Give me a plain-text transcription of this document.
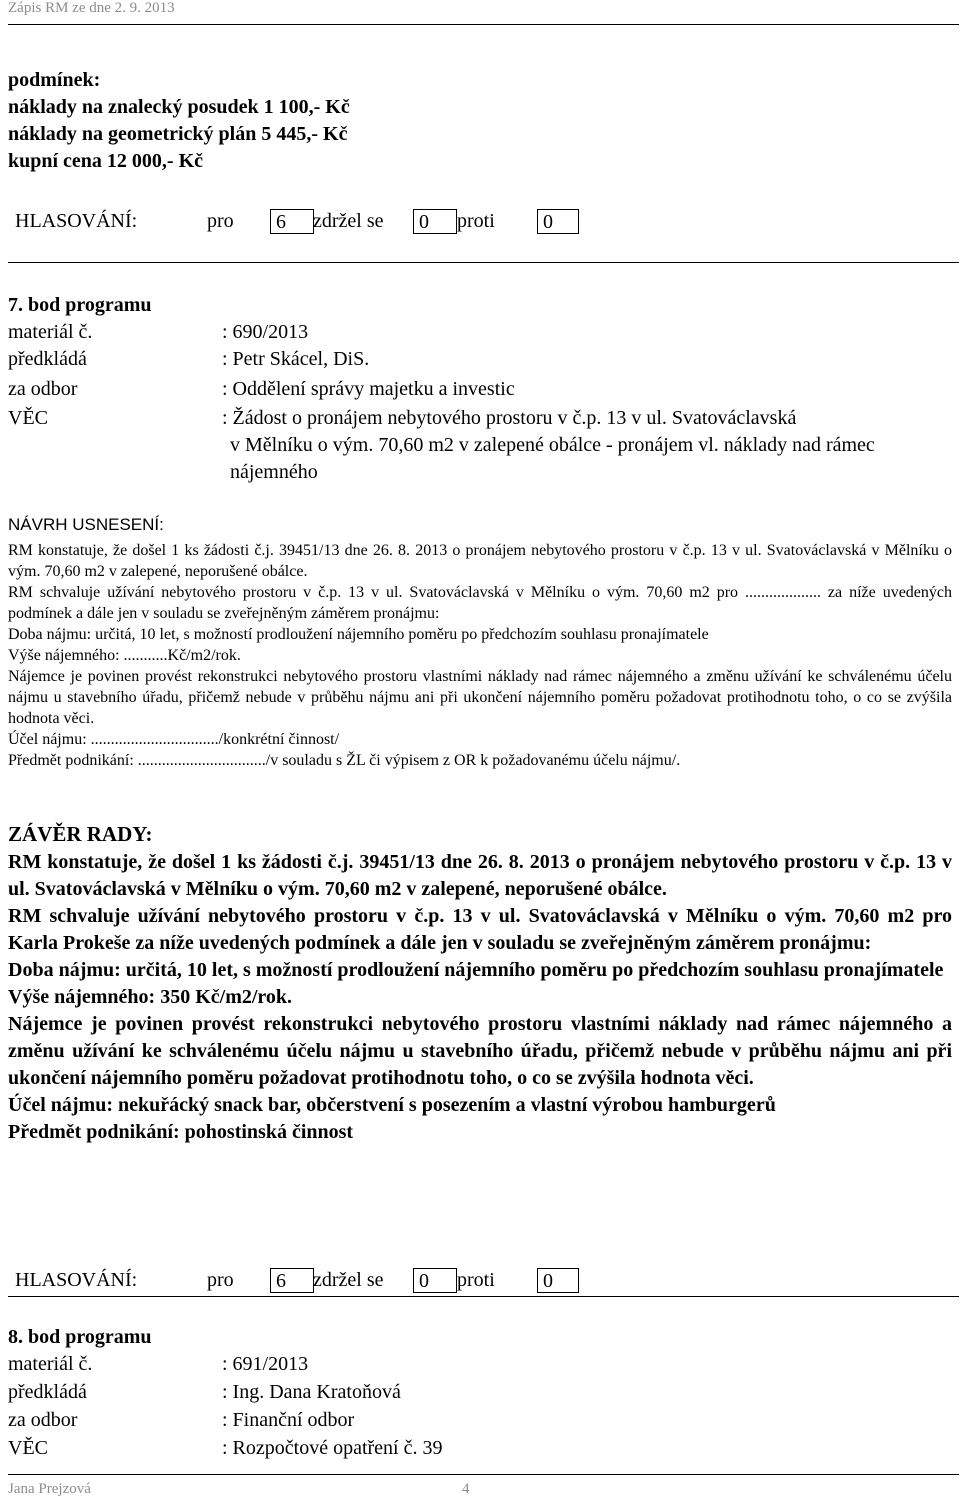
Zápis RM ze dne 2. 9. 2013
podmínek:
náklady na znalecký posudek 1 100,- Kč
náklady na geometrický plán 5 445,- Kč
kupní cena 12 000,- Kč
HLASOVÁNÍ:	pro	6	zdržel se	0	proti	0
7. bod programu
materiál č.	: 690/2013
předkládá	: Petr Skácel, DiS.
za odbor	: Oddělení správy majetku a investic
VĚC	: Žádost o pronájem nebytového prostoru v č.p. 13 v ul. Svatováclavská
v Mělníku o vým. 70,60 m2 v zalepené obálce - pronájem vl. náklady nad rámec nájemného
NÁVRH USNESENÍ:
RM konstatuje, že došel 1 ks žádosti č.j. 39451/13 dne 26. 8. 2013 o pronájem nebytového prostoru v č.p. 13 v ul. Svatováclavská v Mělníku o vým. 70,60 m2 v zalepené, neporušené obálce.
RM schvaluje užívání nebytového prostoru v č.p. 13 v ul. Svatováclavská v Mělníku o vým. 70,60 m2 pro ................... za níže uvedených podmínek a dále jen v souladu se zveřejněným záměrem pronájmu:
Doba nájmu: určitá, 10 let, s možností prodloužení nájemního poměru po předchozím souhlasu pronajímatele
Výše nájemného: ...........Kč/m2/rok.
Nájemce je povinen provést rekonstrukci nebytového prostoru vlastními náklady nad rámec nájemného a změnu užívání ke schválenému účelu nájmu u stavebního úřadu, přičemž nebude v průběhu nájmu ani při ukončení nájemního poměru požadovat protihodnotu toho, o co se zvýšila hodnota věci.
Účel nájmu: ................................/konkrétní činnost/
Předmět podnikání: ................................/v souladu s ŽL či výpisem z OR k požadovanému účelu nájmu/.
ZÁVĚR RADY:
RM konstatuje, že došel 1 ks žádosti č.j. 39451/13 dne 26. 8. 2013 o pronájem nebytového prostoru v č.p. 13 v ul. Svatováclavská v Mělníku o vým. 70,60 m2 v zalepené, neporušené obálce.
RM schvaluje užívání nebytového prostoru v č.p. 13 v ul. Svatováclavská v Mělníku o vým. 70,60 m2 pro Karla Prokeše za níže uvedených podmínek a dále jen v souladu se zveřejněným záměrem pronájmu:
Doba nájmu: určitá, 10 let, s možností prodloužení nájemního poměru po předchozím souhlasu pronajímatele
Výše nájemného: 350 Kč/m2/rok.
Nájemce je povinen provést rekonstrukci nebytového prostoru vlastními náklady nad rámec nájemného a změnu užívání ke schválenému účelu nájmu u stavebního úřadu, přičemž nebude v průběhu nájmu ani při ukončení nájemního poměru požadovat protihodnotu toho, o co se zvýšila hodnota věci.
Účel nájmu: nekuřácký snack bar, občerstvení s posezením a vlastní výrobou hamburgerů
Předmět podnikání: pohostinská činnost
HLASOVÁNÍ:	pro	6	zdržel se	0	proti	0
8. bod programu
materiál č.	: 691/2013
předkládá	: Ing. Dana Kratoňová
za odbor	: Finanční odbor
VĚC	: Rozpočtové opatření č. 39
Jana Prejzová	4
